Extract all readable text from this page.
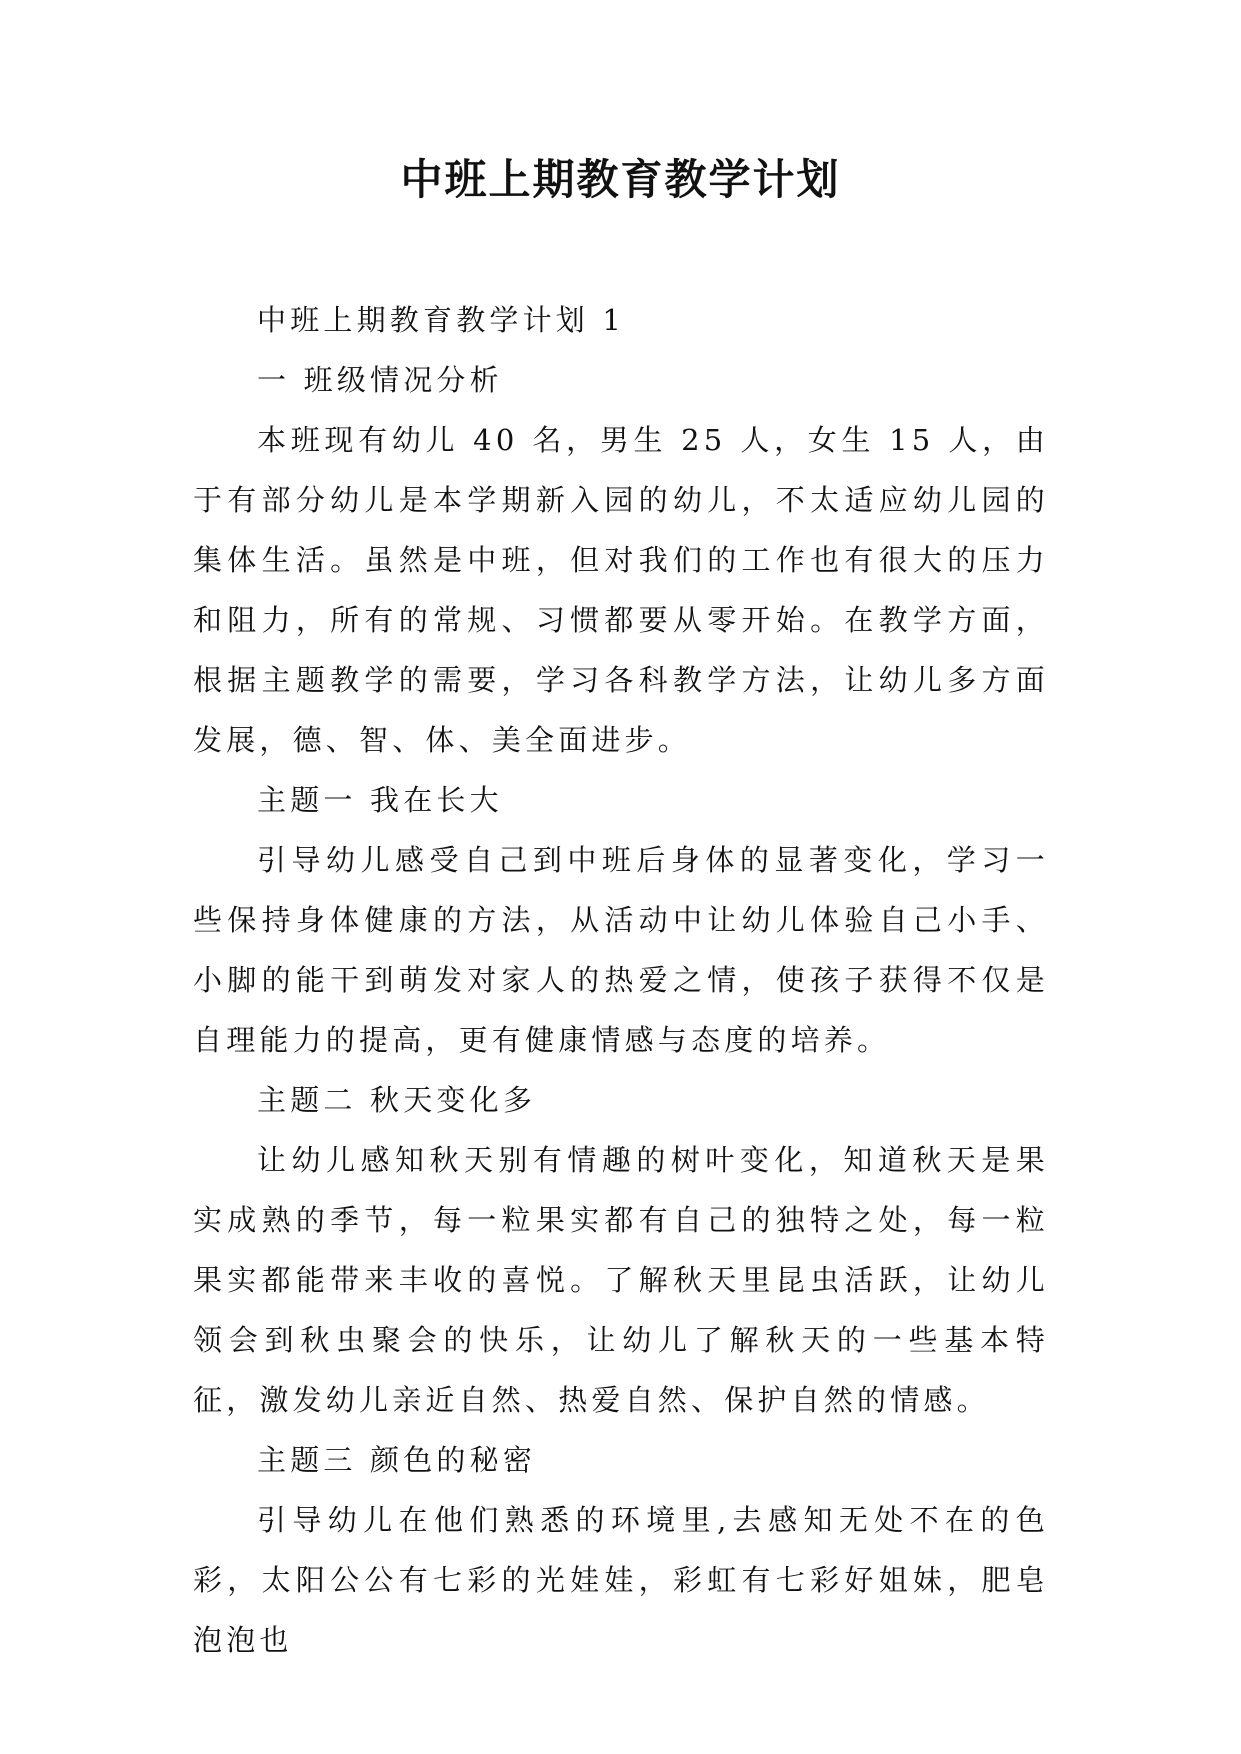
中班上期教育教学计划

中班上期教育教学计划 1

一 班级情况分析

本班现有幼儿 40 名，男生 25 人，女生 15 人，由于有部分幼儿是本学期新入园的幼儿，不太适应幼儿园的集体生活。虽然是中班，但对我们的工作也有很大的压力和阻力，所有的常规、习惯都要从零开始。在教学方面，根据主题教学的需要，学习各科教学方法，让幼儿多方面发展，德、智、体、美全面进步。

主题一 我在长大

引导幼儿感受自己到中班后身体的显著变化，学习一些保持身体健康的方法，从活动中让幼儿体验自己小手、小脚的能干到萌发对家人的热爱之情，使孩子获得不仅是自理能力的提高，更有健康情感与态度的培养。

主题二 秋天变化多

让幼儿感知秋天别有情趣的树叶变化，知道秋天是果实成熟的季节，每一粒果实都有自己的独特之处，每一粒果实都能带来丰收的喜悦。了解秋天里昆虫活跃，让幼儿领会到秋虫聚会的快乐，让幼儿了解秋天的一些基本特征，激发幼儿亲近自然、热爱自然、保护自然的情感。

主题三 颜色的秘密

引导幼儿在他们熟悉的环境里,去感知无处不在的色彩，太阳公公有七彩的光娃娃，彩虹有七彩好姐妹，肥皂泡泡也
